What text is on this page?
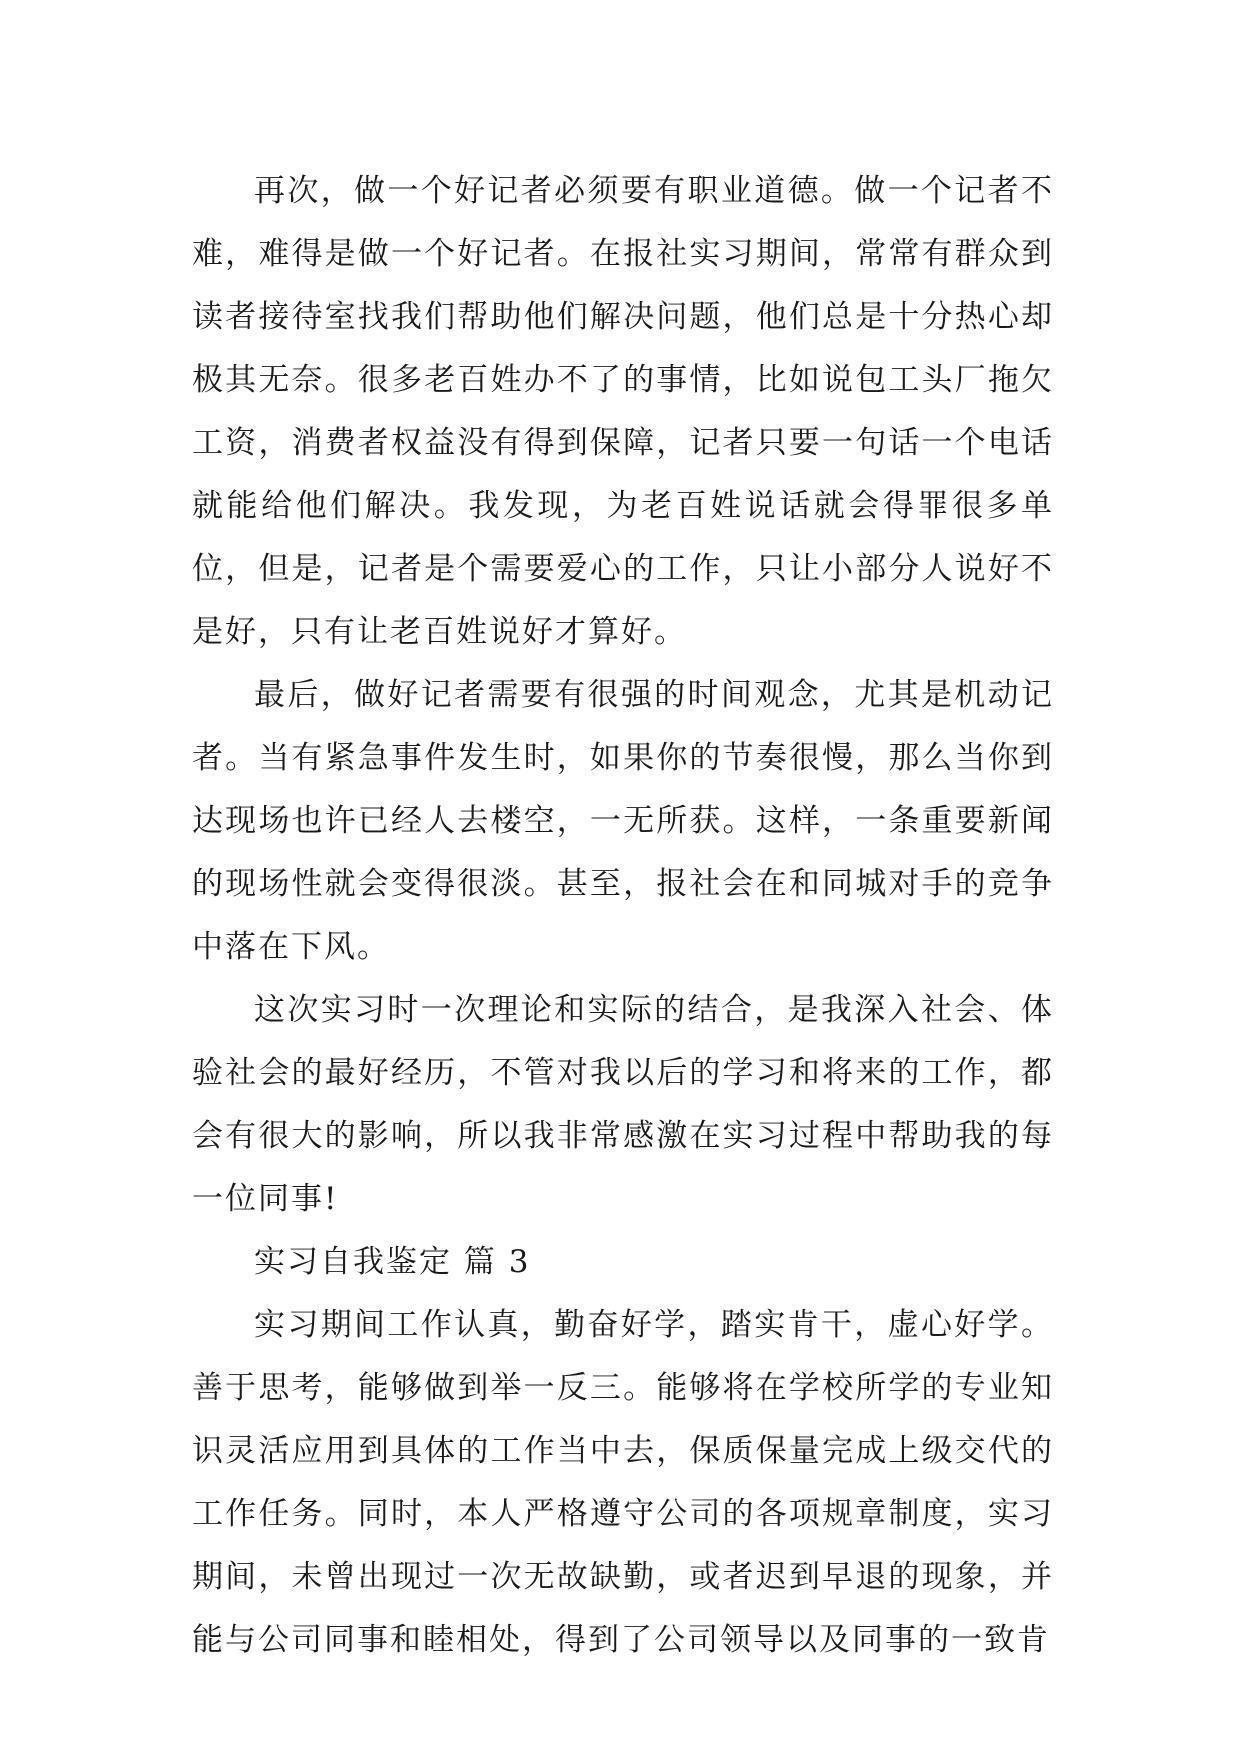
再次，做一个好记者必须要有职业道德。做一个记者不难，难得是做一个好记者。在报社实习期间，常常有群众到读者接待室找我们帮助他们解决问题，他们总是十分热心却极其无奈。很多老百姓办不了的事情，比如说包工头厂拖欠工资，消费者权益没有得到保障，记者只要一句话一个电话就能给他们解决。我发现，为老百姓说话就会得罪很多单位，但是，记者是个需要爱心的工作，只让小部分人说好不是好，只有让老百姓说好才算好。

最后，做好记者需要有很强的时间观念，尤其是机动记者。当有紧急事件发生时，如果你的节奏很慢，那么当你到达现场也许已经人去楼空，一无所获。这样，一条重要新闻的现场性就会变得很淡。甚至，报社会在和同城对手的竞争中落在下风。

这次实习时一次理论和实际的结合，是我深入社会、体验社会的最好经历，不管对我以后的学习和将来的工作，都会有很大的影响，所以我非常感激在实习过程中帮助我的每一位同事!

实习自我鉴定 篇 3

实习期间工作认真，勤奋好学，踏实肯干，虚心好学。善于思考，能够做到举一反三。能够将在学校所学的专业知识灵活应用到具体的工作当中去，保质保量完成上级交代的工作任务。同时，本人严格遵守公司的各项规章制度，实习期间，未曾出现过一次无故缺勤，或者迟到早退的现象，并能与公司同事和睦相处，得到了公司领导以及同事的一致肯
